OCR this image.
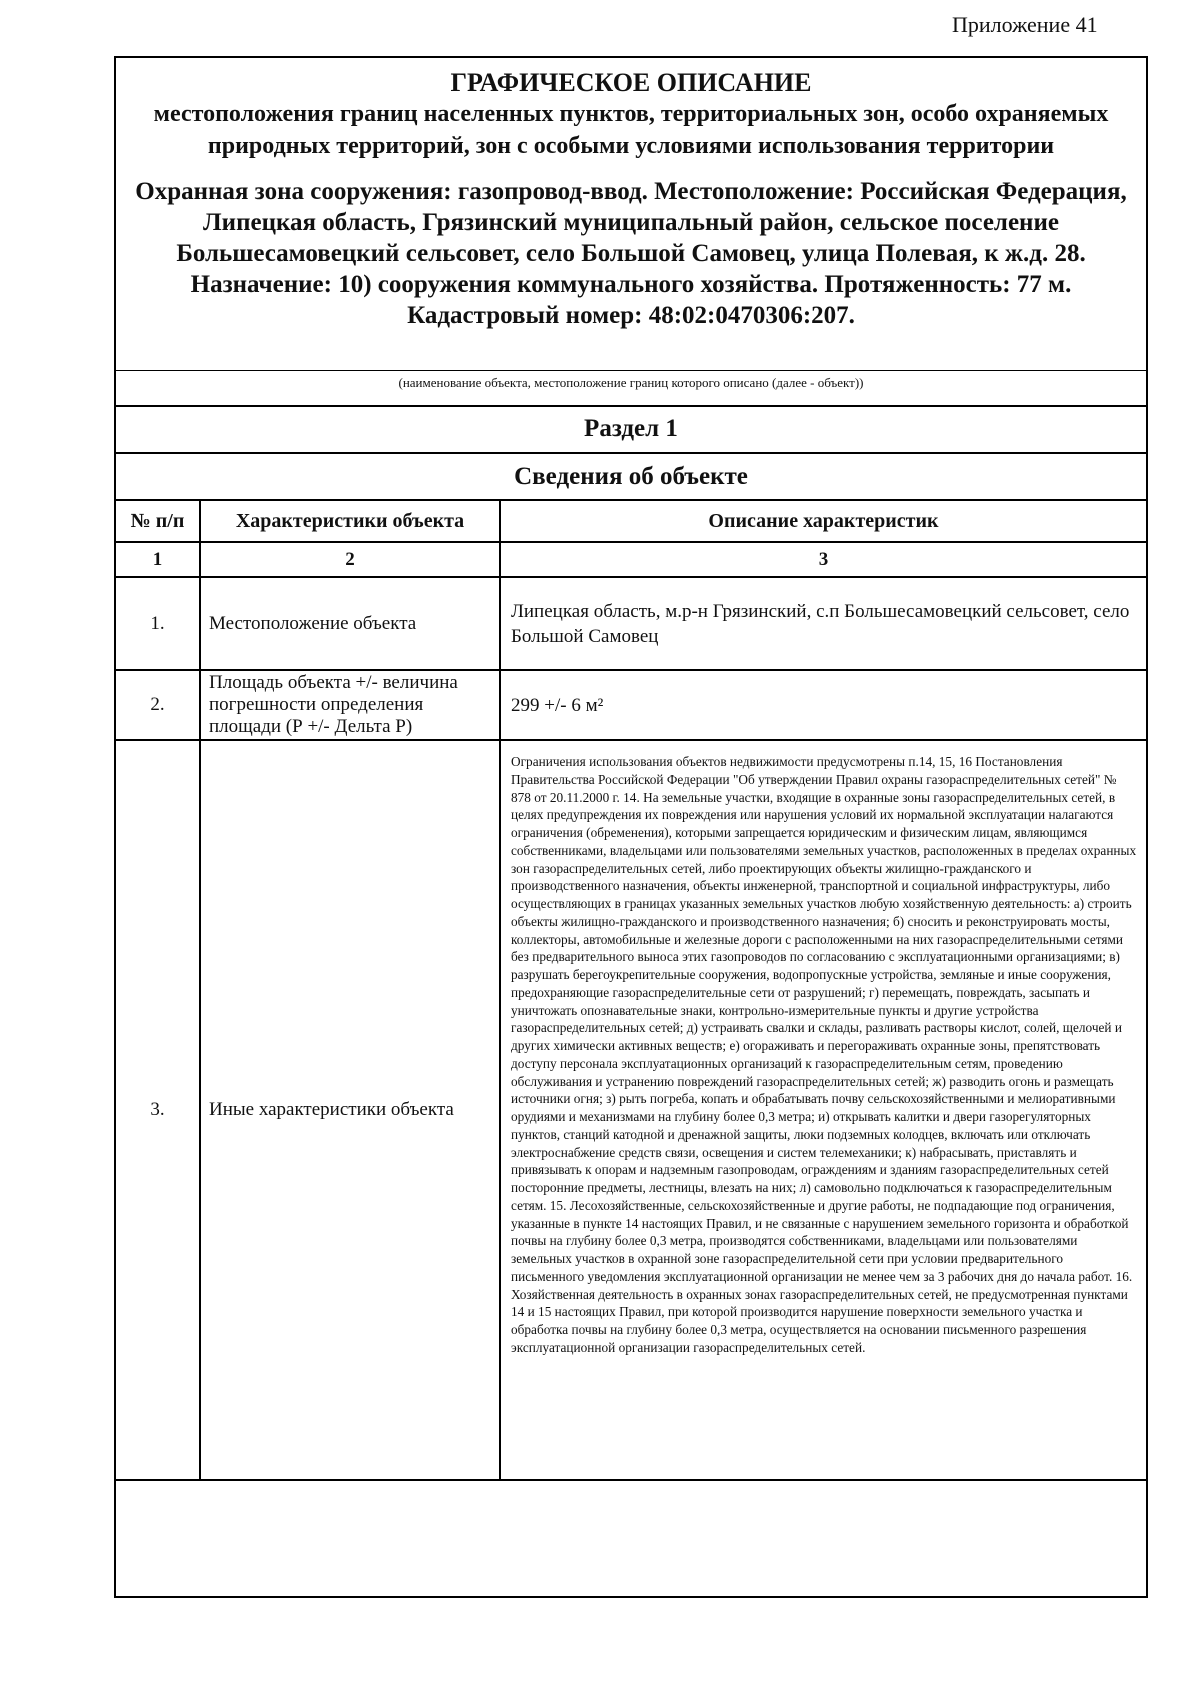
Приложение 41
ГРАФИЧЕСКОЕ ОПИСАНИЕ
местоположения границ населенных пунктов, территориальных зон, особо охраняемых природных территорий, зон с особыми условиями использования территории
Охранная зона сооружения: газопровод-ввод. Местоположение: Российская Федерация, Липецкая область, Грязинский муниципальный район, сельское поселение Большесамовецкий сельсовет, село Большой Самовец, улица Полевая, к ж.д. 28. Назначение: 10) сооружения коммунального хозяйства. Протяженность: 77 м. Кадастровый номер: 48:02:0470306:207.
(наименование объекта, местоположение границ которого описано (далее - объект))
Раздел 1
Сведения об объекте
№ п/п	Характеристики объекта	Описание характеристик
1	2	3
1.	Местоположение объекта	Липецкая область, м.р-н Грязинский, с.п Большесамовецкий сельсовет, село Большой Самовец
2.	Площадь объекта +/- величина погрешности определения площади (Р +/- Дельта Р)	299 +/- 6 м²
3.	Иные характеристики объекта	Ограничения использования объектов недвижимости предусмотрены п.14, 15, 16 Постановления Правительства Российской Федерации "Об утверждении Правил охраны газораспределительных сетей" № 878 от 20.11.2000 г. 14. На земельные участки, входящие в охранные зоны газораспределительных сетей, в целях предупреждения их повреждения или нарушения условий их нормальной эксплуатации налагаются ограничения (обременения), которыми запрещается юридическим и физическим лицам, являющимся собственниками, владельцами или пользователями земельных участков, расположенных в пределах охранных зон газораспределительных сетей, либо проектирующих объекты жилищно-гражданского и производственного назначения, объекты инженерной, транспортной и социальной инфраструктуры, либо осуществляющих в границах указанных земельных участков любую хозяйственную деятельность: а) строить объекты жилищно-гражданского и производственного назначения; б) сносить и реконструировать мосты, коллекторы, автомобильные и железные дороги с расположенными на них газораспределительными сетями без предварительного выноса этих газопроводов по согласованию с эксплуатационными организациями; в) разрушать берегоукрепительные сооружения, водопропускные устройства, земляные и иные сооружения, предохраняющие газораспределительные сети от разрушений; г) перемещать, повреждать, засыпать и уничтожать опознавательные знаки, контрольно-измерительные пункты и другие устройства газораспределительных сетей; д) устраивать свалки и склады, разливать растворы кислот, солей, щелочей и других химически активных веществ; е) огораживать и перегораживать охранные зоны, препятствовать доступу персонала эксплуатационных организаций к газораспределительным сетям, проведению обслуживания и устранению повреждений газораспределительных сетей; ж) разводить огонь и размещать источники огня; з) рыть погреба, копать и обрабатывать почву сельскохозяйственными и мелиоративными орудиями и механизмами на глубину более 0,3 метра; и) открывать калитки и двери газорегуляторных пунктов, станций катодной и дренажной защиты, люки подземных колодцев, включать или отключать электроснабжение средств связи, освещения и систем телемеханики; к) набрасывать, приставлять и привязывать к опорам и надземным газопроводам, ограждениям и зданиям газораспределительных сетей посторонние предметы, лестницы, влезать на них; л) самовольно подключаться к газораспределительным сетям. 15. Лесохозяйственные, сельскохозяйственные и другие работы, не подпадающие под ограничения, указанные в пункте 14 настоящих Правил, и не связанные с нарушением земельного горизонта и обработкой почвы на глубину более 0,3 метра, производятся собственниками, владельцами или пользователями земельных участков в охранной зоне газораспределительной сети при условии предварительного письменного уведомления эксплуатационной организации не менее чем за 3 рабочих дня до начала работ. 16. Хозяйственная деятельность в охранных зонах газораспределительных сетей, не предусмотренная пунктами 14 и 15 настоящих Правил, при которой производится нарушение поверхности земельного участка и обработка почвы на глубину более 0,3 метра, осуществляется на основании письменного разрешения эксплуатационной организации газораспределительных сетей.
